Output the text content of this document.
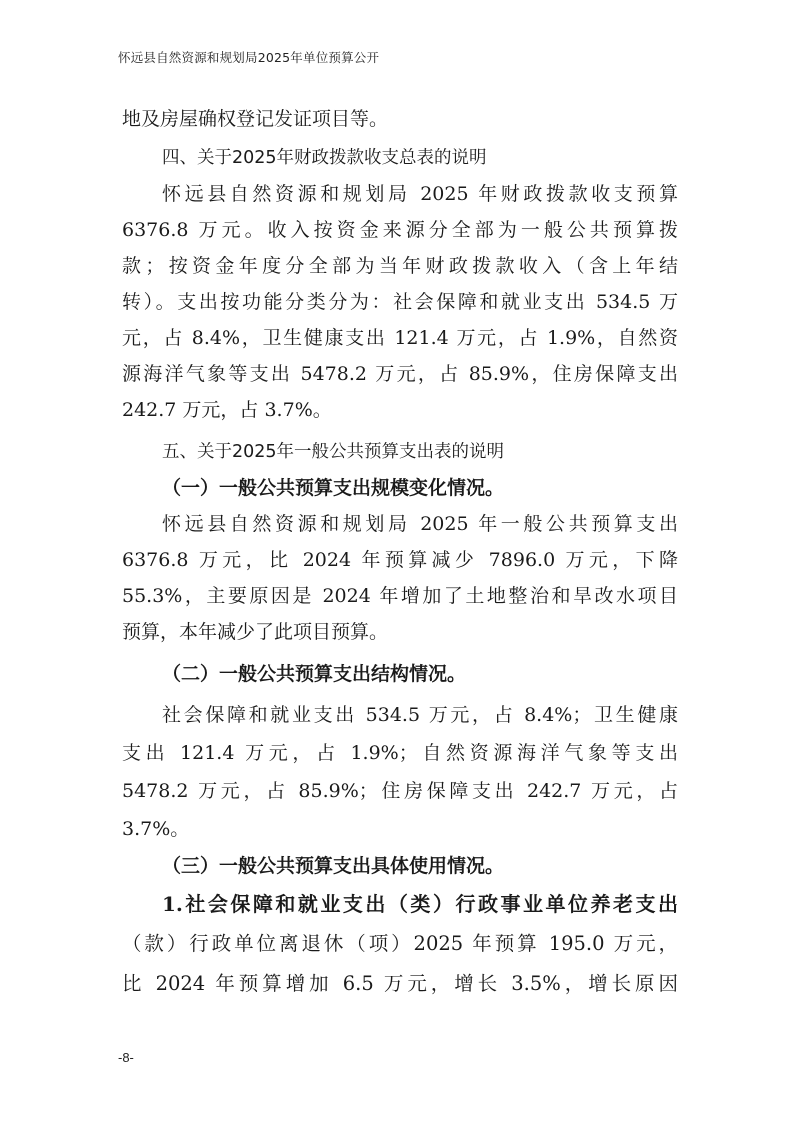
怀远县自然资源和规划局2025年单位预算公开
地及房屋确权登记发证项目等。
四、关于2025年财政拨款收支总表的说明
怀远县自然资源和规划局 2025 年财政拨款收支预算
6376.8 万元。收入按资金来源分全部为一般公共预算拨
款；按资金年度分全部为当年财政拨款收入（含上年结
转）。支出按功能分类分为：社会保障和就业支出 534.5 万
元，占 8.4%，卫生健康支出 121.4 万元，占 1.9%，自然资
源海洋气象等支出 5478.2 万元，占 85.9%，住房保障支出
242.7 万元，占 3.7%。
五、关于2025年一般公共预算支出表的说明
（一）一般公共预算支出规模变化情况。
怀远县自然资源和规划局 2025 年一般公共预算支出
6376.8 万元，比 2024 年预算减少 7896.0 万元，下降
55.3%，主要原因是 2024 年增加了土地整治和旱改水项目
预算，本年减少了此项目预算。
（二）一般公共预算支出结构情况。
社会保障和就业支出 534.5 万元，占 8.4%；卫生健康
支出 121.4 万元，占 1.9%；自然资源海洋气象等支出
5478.2 万元，占 85.9%；住房保障支出 242.7 万元，占
3.7%。
（三）一般公共预算支出具体使用情况。
1.社会保障和就业支出（类）行政事业单位养老支出
（款）行政单位离退休（项）2025 年预算 195.0 万元，
比 2024 年预算增加 6.5 万元，增长 3.5%，增长原因
-8-
